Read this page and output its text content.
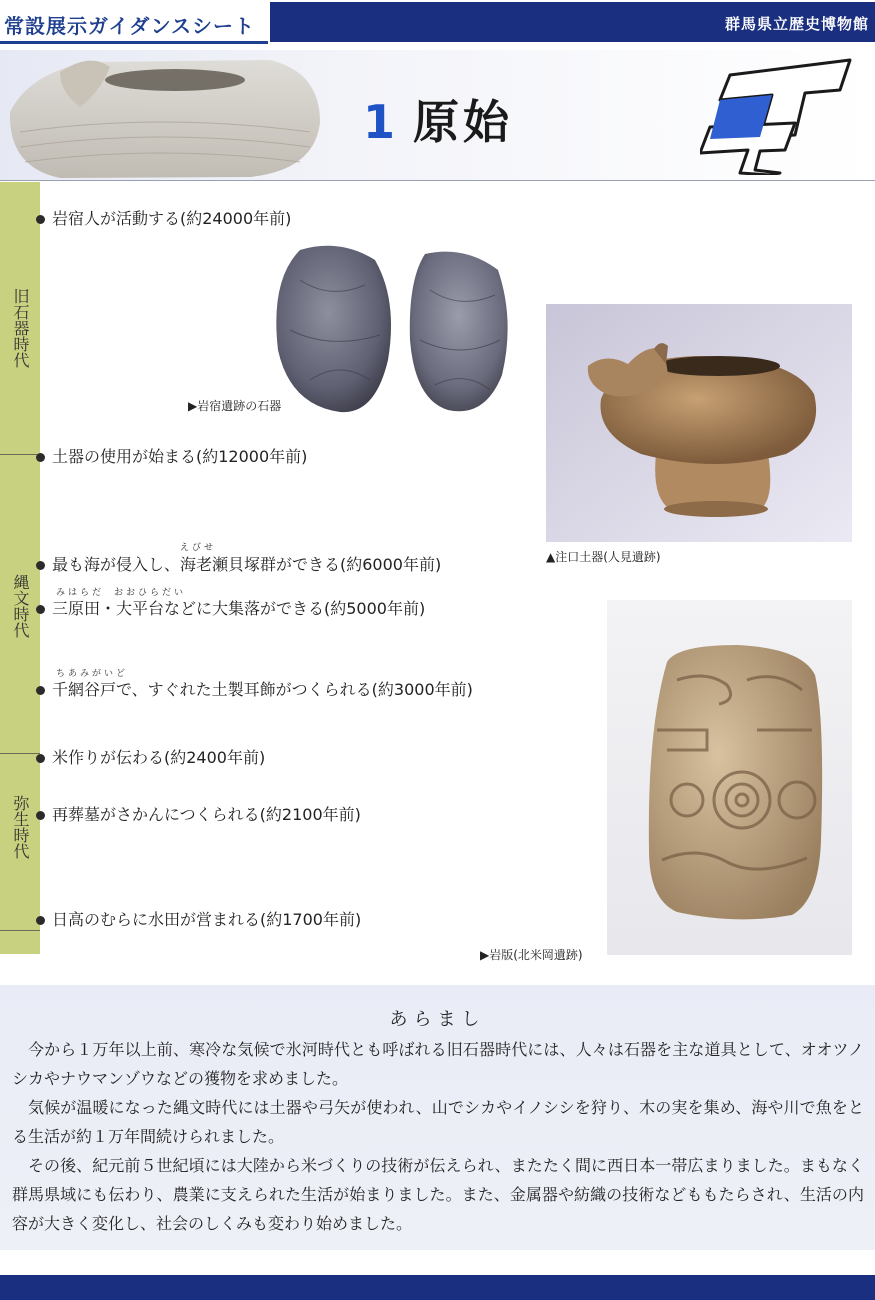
常設展示ガイダンスシート	群馬県立歴史博物館
1 原始
旧石器時代
縄文時代
弥生時代
岩宿人が活動する(約24000年前)
土器の使用が始まる(約12000年前)
えびせ
最も海が侵入し、海老瀬貝塚群ができる(約6000年前)
みはらだ おおひらだい
三原田・大平台などに大集落ができる(約5000年前)
ちあみがいど
千網谷戸で、すぐれた土製耳飾がつくられる(約3000年前)
米作りが伝わる(約2400年前)
再葬墓がさかんにつくられる(約2100年前)
日高のむらに水田が営まれる(約1700年前)
▶岩宿遺跡の石器
▲注口土器(人見遺跡)
▶岩版(北米岡遺跡)
あらまし

今から１万年以上前、寒冷な気候で氷河時代とも呼ばれる旧石器時代には、人々は石器を主な道具として、オオツノシカやナウマンゾウなどの獲物を求めました。

気候が温暖になった縄文時代には土器や弓矢が使われ、山でシカやイノシシを狩り、木の実を集め、海や川で魚をとる生活が約１万年間続けられました。

その後、紀元前５世紀頃には大陸から米づくりの技術が伝えられ、またたく間に西日本一帯広まりました。まもなく群馬県域にも伝わり、農業に支えられた生活が始まりました。また、金属器や紡織の技術などももたらされ、生活の内容が大きく変化し、社会のしくみも変わり始めました。
